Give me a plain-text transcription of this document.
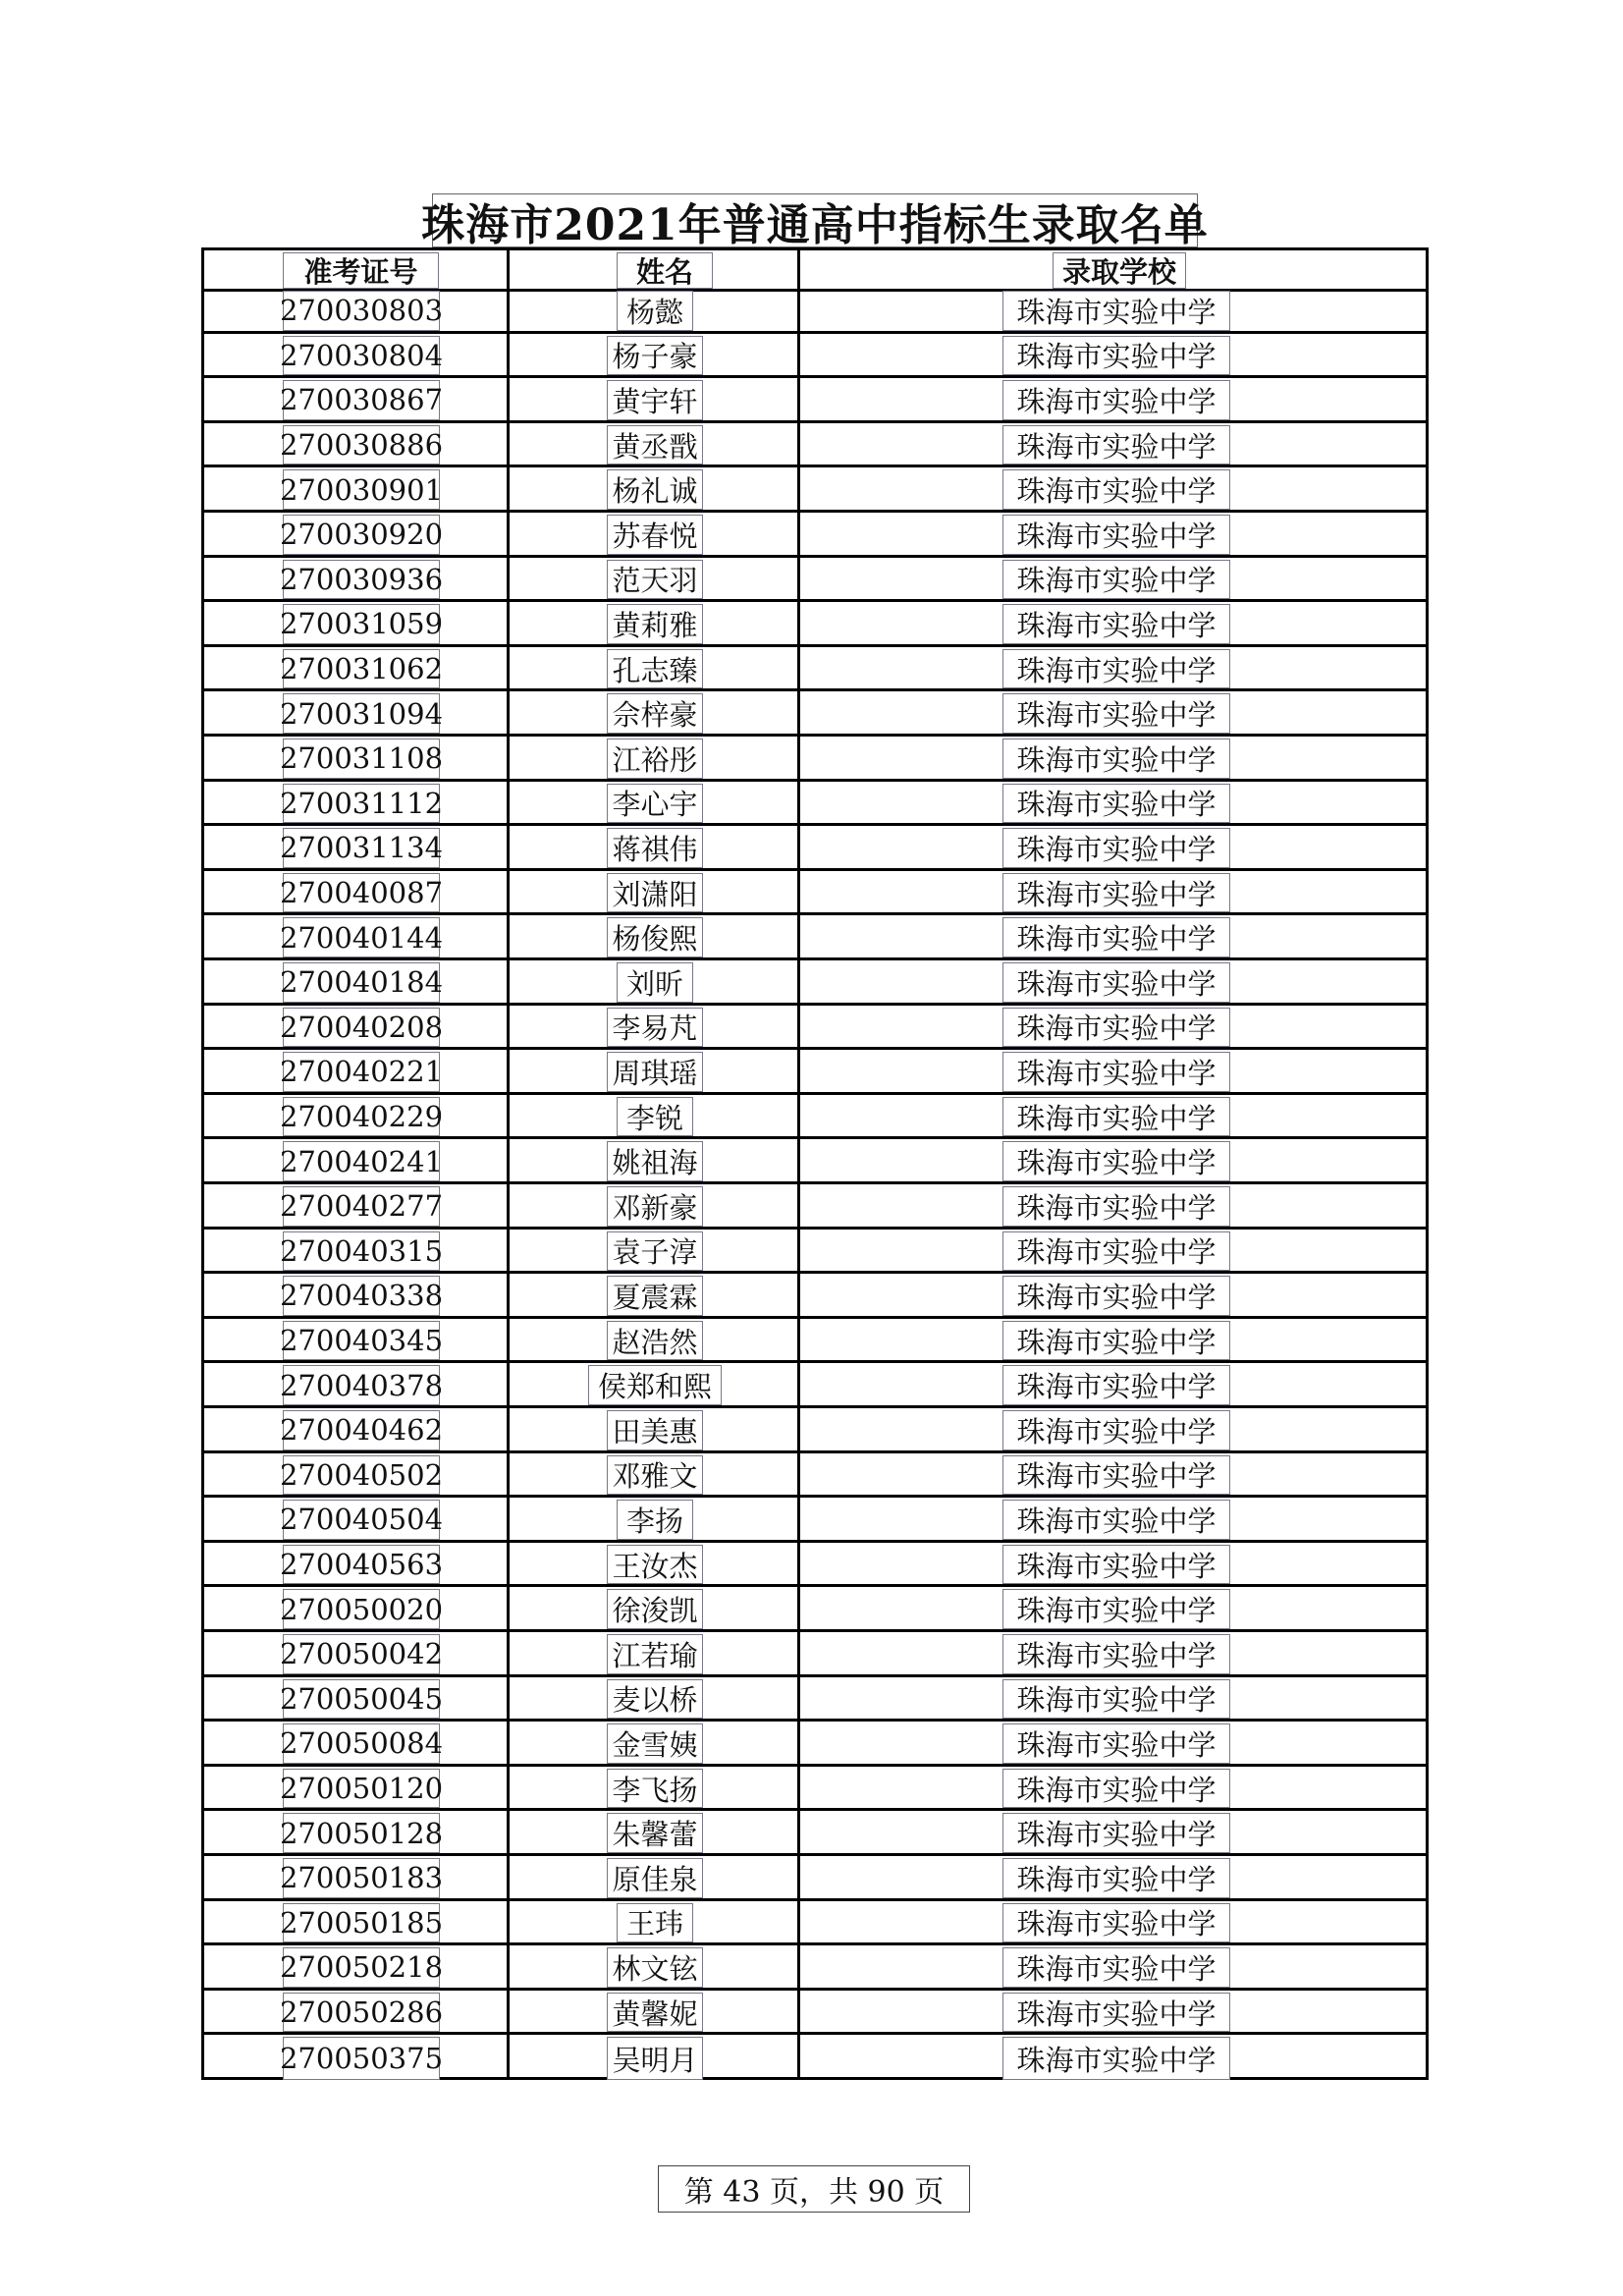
珠海市2021年普通高中指标生录取名单
准考证号	姓名	录取学校
270030803	杨懿	珠海市实验中学
270030804	杨子豪	珠海市实验中学
270030867	黄宇轩	珠海市实验中学
270030886	黄丞戬	珠海市实验中学
270030901	杨礼诚	珠海市实验中学
270030920	苏春悦	珠海市实验中学
270030936	范天羽	珠海市实验中学
270031059	黄莉雅	珠海市实验中学
270031062	孔志臻	珠海市实验中学
270031094	佘梓豪	珠海市实验中学
270031108	江裕彤	珠海市实验中学
270031112	李心宇	珠海市实验中学
270031134	蒋祺伟	珠海市实验中学
270040087	刘潇阳	珠海市实验中学
270040144	杨俊熙	珠海市实验中学
270040184	刘昕	珠海市实验中学
270040208	李易芃	珠海市实验中学
270040221	周琪瑶	珠海市实验中学
270040229	李锐	珠海市实验中学
270040241	姚祖海	珠海市实验中学
270040277	邓新豪	珠海市实验中学
270040315	袁子淳	珠海市实验中学
270040338	夏震霖	珠海市实验中学
270040345	赵浩然	珠海市实验中学
270040378	侯郑和熙	珠海市实验中学
270040462	田美惠	珠海市实验中学
270040502	邓雅文	珠海市实验中学
270040504	李扬	珠海市实验中学
270040563	王汝杰	珠海市实验中学
270050020	徐浚凯	珠海市实验中学
270050042	江若瑜	珠海市实验中学
270050045	麦以桥	珠海市实验中学
270050084	金雪姨	珠海市实验中学
270050120	李飞扬	珠海市实验中学
270050128	朱馨蕾	珠海市实验中学
270050183	原佳泉	珠海市实验中学
270050185	王玮	珠海市实验中学
270050218	林文铉	珠海市实验中学
270050286	黄馨妮	珠海市实验中学
270050375	吴明月	珠海市实验中学
第 43 页，共 90 页
